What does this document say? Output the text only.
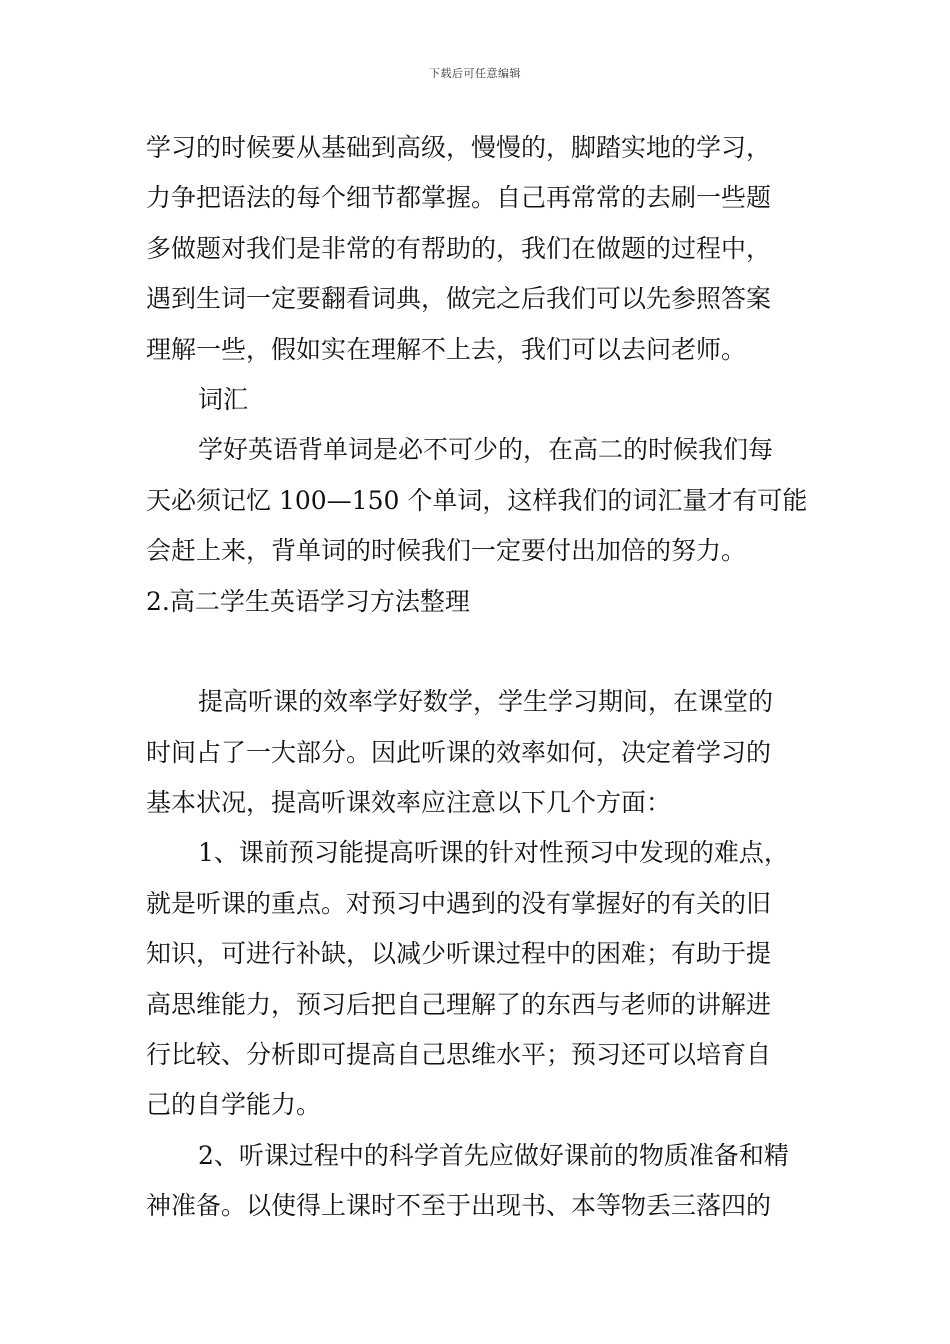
下载后可任意编辑
学习的时候要从基础到高级，慢慢的，脚踏实地的学习，
力争把语法的每个细节都掌握。自己再常常的去刷一些题
多做题对我们是非常的有帮助的，我们在做题的过程中，
遇到生词一定要翻看词典，做完之后我们可以先参照答案
理解一些，假如实在理解不上去，我们可以去问老师。
词汇
学好英语背单词是必不可少的，在高二的时候我们每
天必须记忆 100—150 个单词，这样我们的词汇量才有可能
会赶上来，背单词的时候我们一定要付出加倍的努力。
2.高二学生英语学习方法整理
提高听课的效率学好数学，学生学习期间，在课堂的
时间占了一大部分。因此听课的效率如何，决定着学习的
基本状况，提高听课效率应注意以下几个方面：
1、课前预习能提高听课的针对性预习中发现的难点，
就是听课的重点。对预习中遇到的没有掌握好的有关的旧
知识，可进行补缺，以减少听课过程中的困难；有助于提
高思维能力，预习后把自己理解了的东西与老师的讲解进
行比较、分析即可提高自己思维水平；预习还可以培育自
己的自学能力。
2、听课过程中的科学首先应做好课前的物质准备和精
神准备。以使得上课时不至于出现书、本等物丢三落四的
